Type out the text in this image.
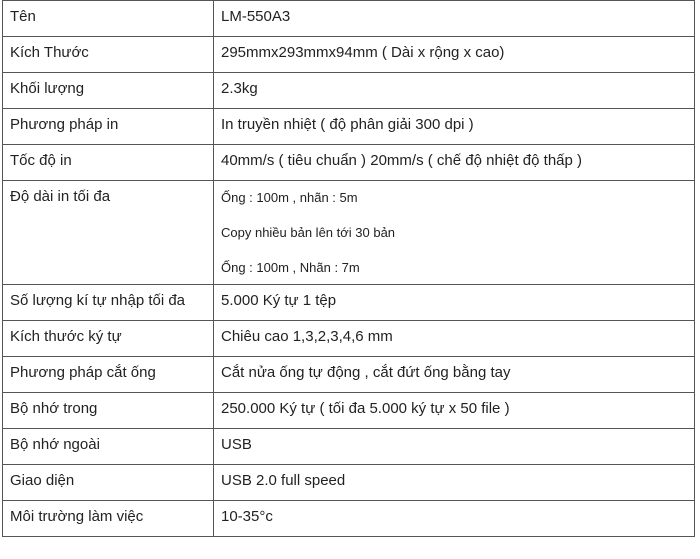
Tên	LM-550A3
Kích Thước	295mmx293mmx94mm ( Dài x rộng x cao)
Khối lượng	2.3kg
Phương pháp in	In truyền nhiệt ( độ phân giải 300 dpi )
Tốc độ in	40mm/s ( tiêu chuẩn ) 20mm/s ( chế độ nhiệt độ thấp )
Độ dài in tối đa	Ống : 100m , nhãn : 5m
Copy nhiều bản lên tới 30 bản
Ống : 100m , Nhãn : 7m

Số lượng kí tự nhập tối đa	5.000 Ký tự 1 tệp
Kích thước ký tự	Chiêu cao 1,3,2,3,4,6 mm
Phương pháp cắt ống	Cắt nửa ống tự động , cắt đứt ống bằng tay
Bộ nhớ trong	250.000 Ký tự ( tối đa 5.000 ký tự x 50 file )
Bộ nhớ ngoài	USB
Giao diện	USB 2.0 full speed
Môi trường làm việc	10-35°c
